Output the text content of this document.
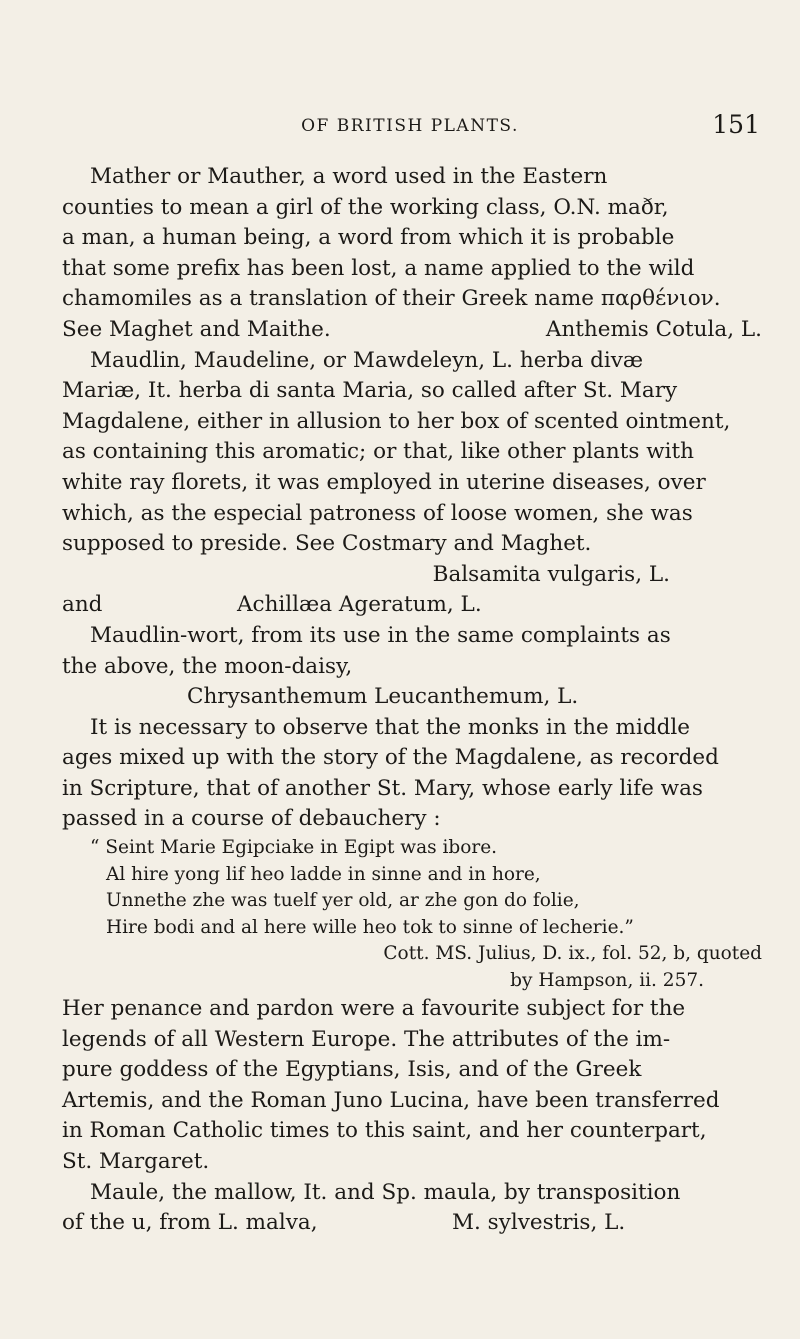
OF BRITISH PLANTS.	151
Mather or Mauther, a word used in the Eastern
counties to mean a girl of the working class, O.N. maðr,
a man, a human being, a word from which it is probable
that some prefix has been lost, a name applied to the wild
chamomiles as a translation of their Greek name παρθένιον.
See Maghet and Maithe.	Anthemis Cotula, L.
Maudlin, Maudeline, or Mawdeleyn, L. herba divæ
Mariæ, It. herba di santa Maria, so called after St. Mary
Magdalene, either in allusion to her box of scented ointment,
as containing this aromatic; or that, like other plants with
white ray florets, it was employed in uterine diseases, over
which, as the especial patroness of loose women, she was
supposed to preside. See Costmary and Maghet.
Balsamita vulgaris, L.
and	Achillæa Ageratum, L.
Maudlin-wort, from its use in the same complaints as
the above, the moon-daisy,
Chrysanthemum Leucanthemum, L.
It is necessary to observe that the monks in the middle
ages mixed up with the story of the Magdalene, as recorded
in Scripture, that of another St. Mary, whose early life was
passed in a course of debauchery :
“ Seint Marie Egipciake in Egipt was ibore.
Al hire yong lif heo ladde in sinne and in hore,
Unnethe zhe was tuelf yer old, ar zhe gon do folie,
Hire bodi and al here wille heo tok to sinne of lecherie.”
Cott. MS. Julius, D. ix., fol. 52, b, quoted
by Hampson, ii. 257.
Her penance and pardon were a favourite subject for the
legends of all Western Europe. The attributes of the im-
pure goddess of the Egyptians, Isis, and of the Greek
Artemis, and the Roman Juno Lucina, have been transferred
in Roman Catholic times to this saint, and her counterpart,
St. Margaret.
Maule, the mallow, It. and Sp. maula, by transposition
of the u, from L. malva,	M. sylvestris, L.
